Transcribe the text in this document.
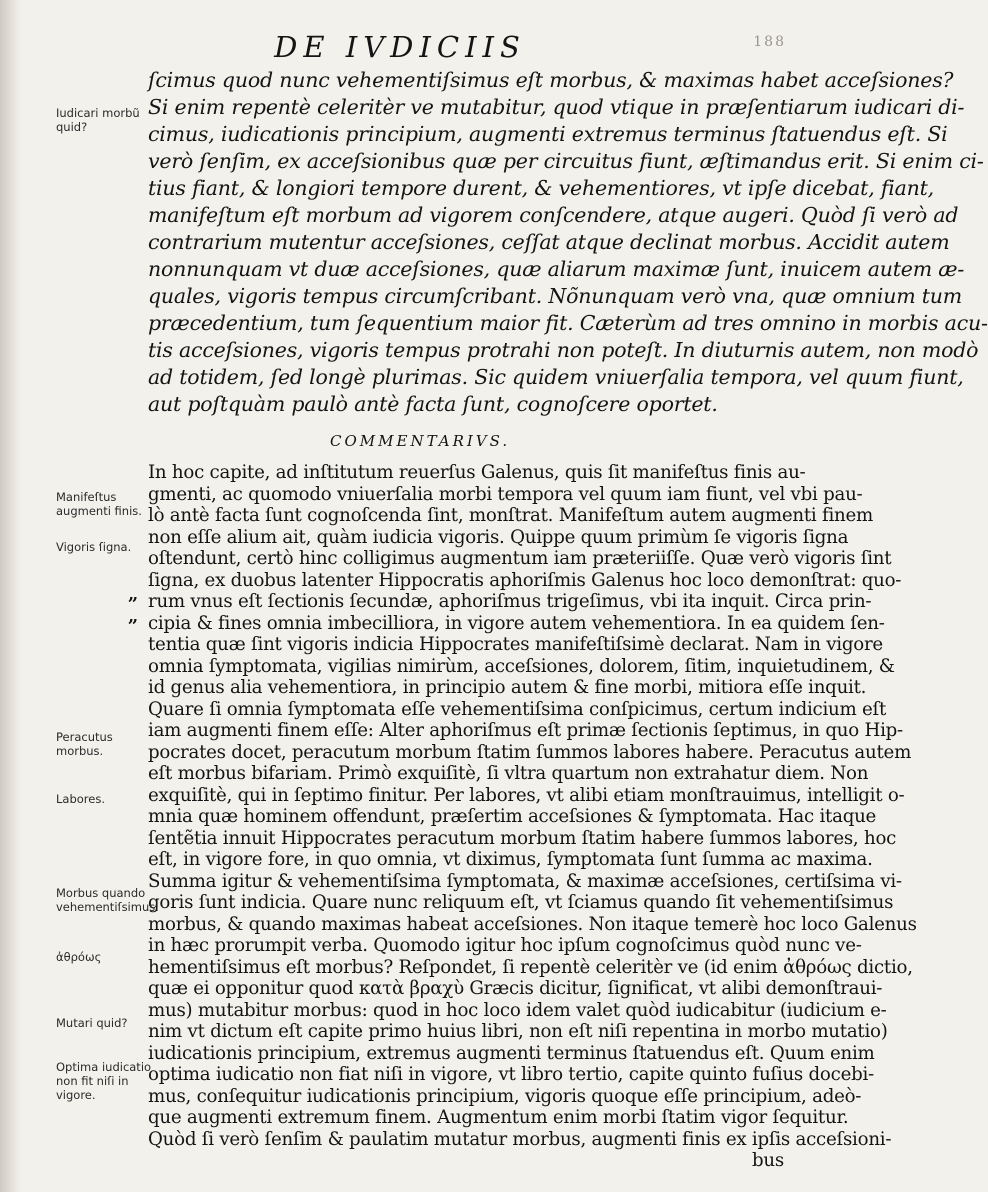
DE IVDICIIS	188
ſcimus quod nunc vehementiſsimus eſt morbus, & maximas habet acceſsiones?
Si enim repentè celeritèr ve mutabitur, quod vtique in præſentiarum iudicari di-
cimus, iudicationis principium, augmenti extremus terminus ſtatuendus eſt. Si
verò ſenſim, ex acceſsionibus quæ per circuitus fiunt, æſtimandus erit. Si enim ci-
tius fiant, & longiori tempore durent, & vehementiores, vt ipſe dicebat, fiant,
manifeſtum eſt morbum ad vigorem conſcendere, atque augeri. Quòd ſi verò ad
contrarium mutentur acceſsiones, ceſſat atque declinat morbus. Accidit autem
nonnunquam vt duæ acceſsiones, quæ aliarum maximæ ſunt, inuicem autem æ-
quales, vigoris tempus circumſcribant. Nõnunquam verò vna, quæ omnium tum
præcedentium, tum ſequentium maior fit. Cæterùm ad tres omnino in morbis acu-
tis acceſsiones, vigoris tempus protrahi non poteſt. In diuturnis autem, non modò
ad totidem, ſed longè plurimas. Sic quidem vniuerſalia tempora, vel quum fiunt,
aut poſtquàm paulò antè facta ſunt, cognoſcere oportet.
COMMENTARIVS.
In hoc capite, ad inſtitutum reuerſus Galenus, quis ſit manifeſtus finis au-
gmenti, ac quomodo vniuerſalia morbi tempora vel quum iam fiunt, vel vbi pau-
lò antè facta ſunt cognoſcenda ſint, monſtrat. Manifeſtum autem augmenti finem
non eſſe alium ait, quàm iudicia vigoris. Quippe quum primùm ſe vigoris ſigna
oſtendunt, certò hinc colligimus augmentum iam præteriiſſe. Quæ verò vigoris ſint
ſigna, ex duobus latenter Hippocratis aphoriſmis Galenus hoc loco demonſtrat: quo-
rum vnus eſt ſectionis ſecundæ, aphoriſmus trigeſimus, vbi ita inquit. Circa prin-
cipia & fines omnia imbecilliora, in vigore autem vehementiora. In ea quidem ſen-
tentia quæ ſint vigoris indicia Hippocrates manifeſtiſsimè declarat. Nam in vigore
omnia ſymptomata, vigilias nimirùm, acceſsiones, dolorem, ſitim, inquietudinem, &
id genus alia vehementiora, in principio autem & fine morbi, mitiora eſſe inquit.
Quare ſi omnia ſymptomata eſſe vehementiſsima conſpicimus, certum indicium eſt
iam augmenti finem eſſe: Alter aphoriſmus eſt primæ ſectionis ſeptimus, in quo Hip-
pocrates docet, peracutum morbum ſtatim ſummos labores habere. Peracutus autem
eſt morbus bifariam. Primò exquiſitè, ſi vltra quartum non extrahatur diem. Non
exquiſitè, qui in ſeptimo finitur. Per labores, vt alibi etiam monſtrauimus, intelligit o-
mnia quæ hominem offendunt, præſertim acceſsiones & ſymptomata. Hac itaque
ſentẽtia innuit Hippocrates peracutum morbum ſtatim habere ſummos labores, hoc
eſt, in vigore fore, in quo omnia, vt diximus, ſymptomata ſunt ſumma ac maxima.
Summa igitur & vehementiſsima ſymptomata, & maximæ acceſsiones, certiſsima vi-
goris ſunt indicia. Quare nunc reliquum eſt, vt ſciamus quando ſit vehementiſsimus
morbus, & quando maximas habeat acceſsiones. Non itaque temerè hoc loco Galenus
in hæc prorumpit verba. Quomodo igitur hoc ipſum cognoſcimus quòd nunc ve-
hementiſsimus eſt morbus? Reſpondet, ſi repentè celeritèr ve (id enim ἀθρόως dictio,
quæ ei opponitur quod κατὰ βραχὺ Græcis dicitur, ſignificat, vt alibi demonſtraui-
mus) mutabitur morbus: quod in hoc loco idem valet quòd iudicabitur (iudicium e-
nim vt dictum eſt capite primo huius libri, non eſt niſi repentina in morbo mutatio)
iudicationis principium, extremus augmenti terminus ſtatuendus eſt. Quum enim
optima iudicatio non fiat niſi in vigore, vt libro tertio, capite quinto fuſius docebi-
mus, conſequitur iudicationis principium, vigoris quoque eſſe principium, adeò-
que augmenti extremum finem. Augmentum enim morbi ſtatim vigor ſequitur.
Quòd ſi verò ſenſim & paulatim mutatur morbus, augmenti finis ex ipſis acceſsioni-
bus
Iudicari morbũ quid?
Manifeſtus augmenti finis.
Vigoris ſigna.
Peracutus morbus.
Labores.
Morbus quando vehementiſsimus.
ἀθρόως
Mutari quid?
Optima iudicatio non fit niſi in vigore.
„
„
